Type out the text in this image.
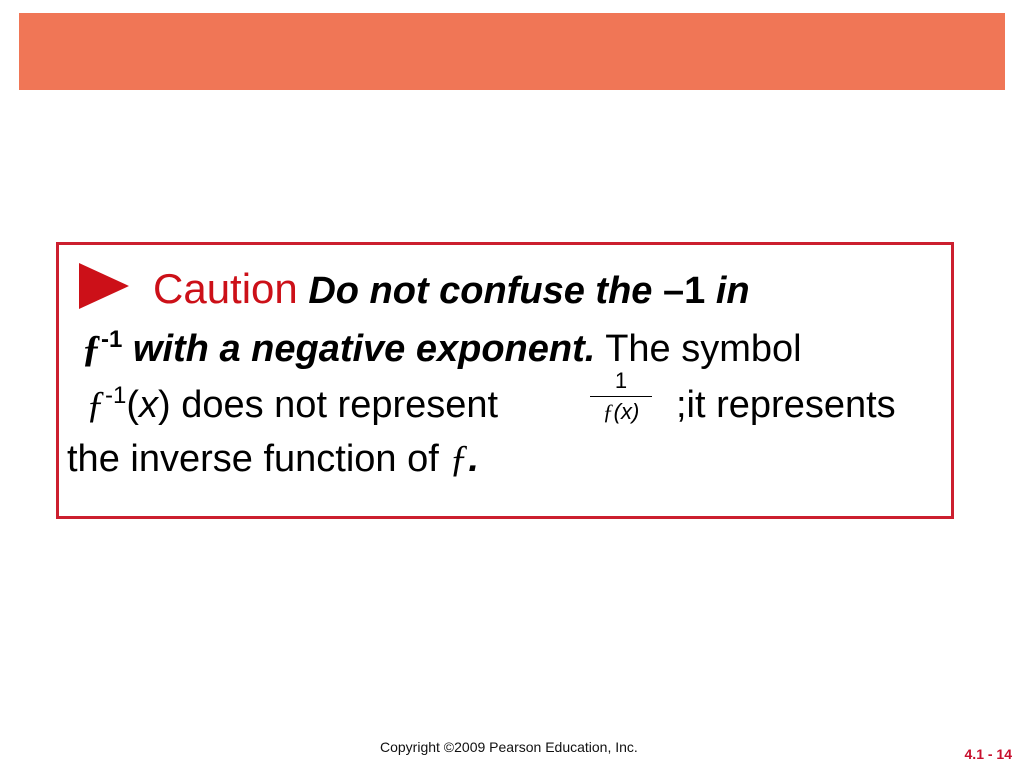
Caution Do not confuse the –1 in
$ƒ^{-1}$ with a negative exponent. The symbol
$ƒ^{-1}(x)$ does not represent
1
ƒ(x) ;it represents
the inverse function of ƒ.
Copyright ©2009 Pearson Education, Inc.	4.1 - 14
